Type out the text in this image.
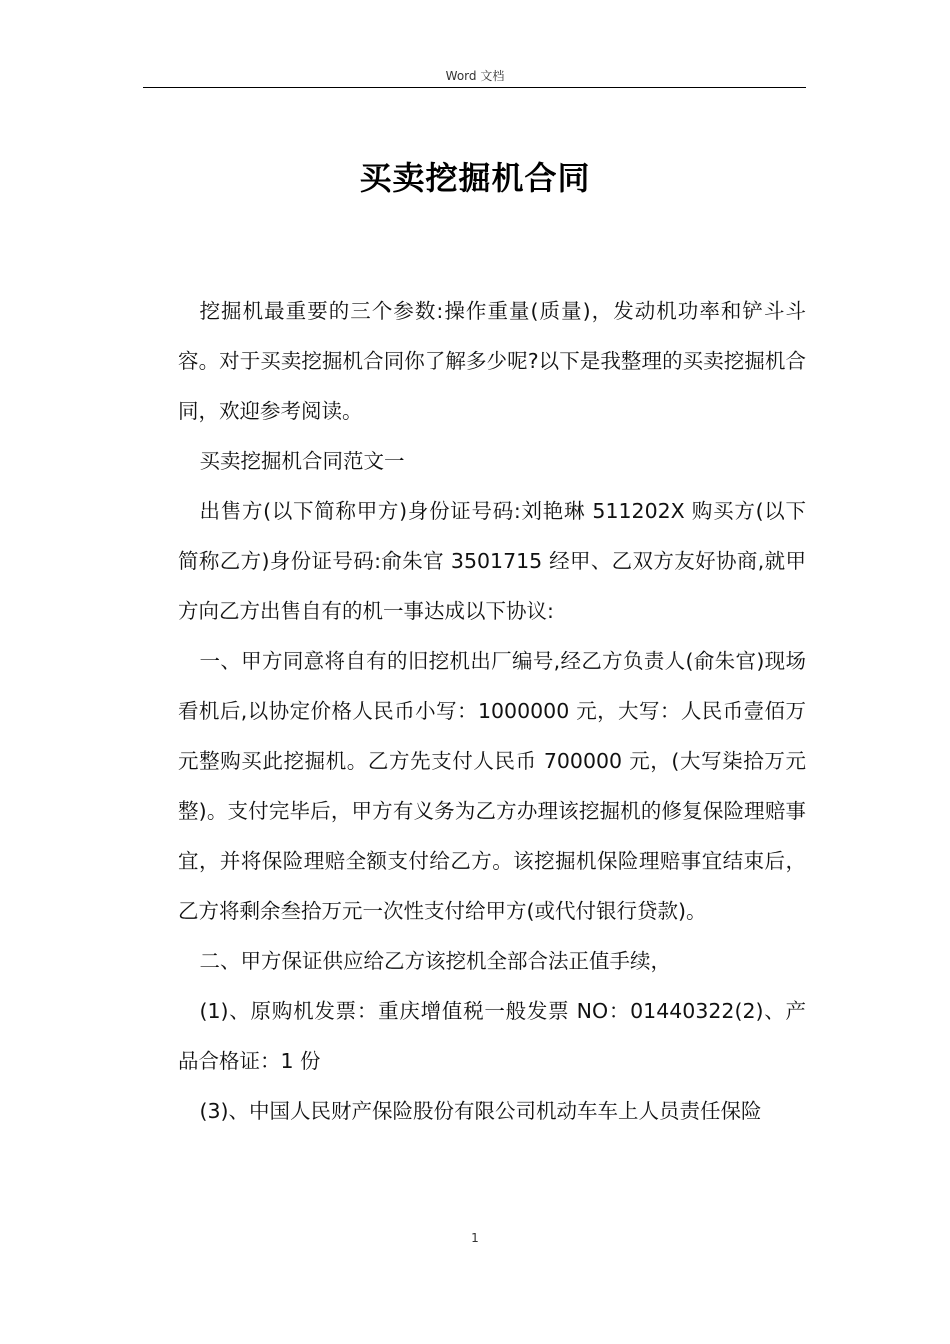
Word 文档
买卖挖掘机合同

挖掘机最重要的三个参数:操作重量(质量)，发动机功率和铲斗斗容。对于买卖挖掘机合同你了解多少呢?以下是我整理的买卖挖掘机合同，欢迎参考阅读。

买卖挖掘机合同范文一

出售方(以下简称甲方)身份证号码:刘艳琳 511202X 购买方(以下简称乙方)身份证号码:俞朱官 3501715 经甲、乙双方友好协商,就甲方向乙方出售自有的机一事达成以下协议:

一、甲方同意将自有的旧挖机出厂编号,经乙方负责人(俞朱官)现场看机后,以协定价格人民币小写：1000000 元，大写：人民币壹佰万元整购买此挖掘机。乙方先支付人民币 700000 元，(大写柒拾万元整)。支付完毕后，甲方有义务为乙方办理该挖掘机的修复保险理赔事宜，并将保险理赔全额支付给乙方。该挖掘机保险理赔事宜结束后，乙方将剩余叁拾万元一次性支付给甲方(或代付银行贷款)。

二、甲方保证供应给乙方该挖机全部合法正值手续，

(1)、原购机发票：重庆增值税一般发票 NO：01440322(2)、产品合格证：1 份

(3)、中国人民财产保险股份有限公司机动车车上人员责任保险

1
